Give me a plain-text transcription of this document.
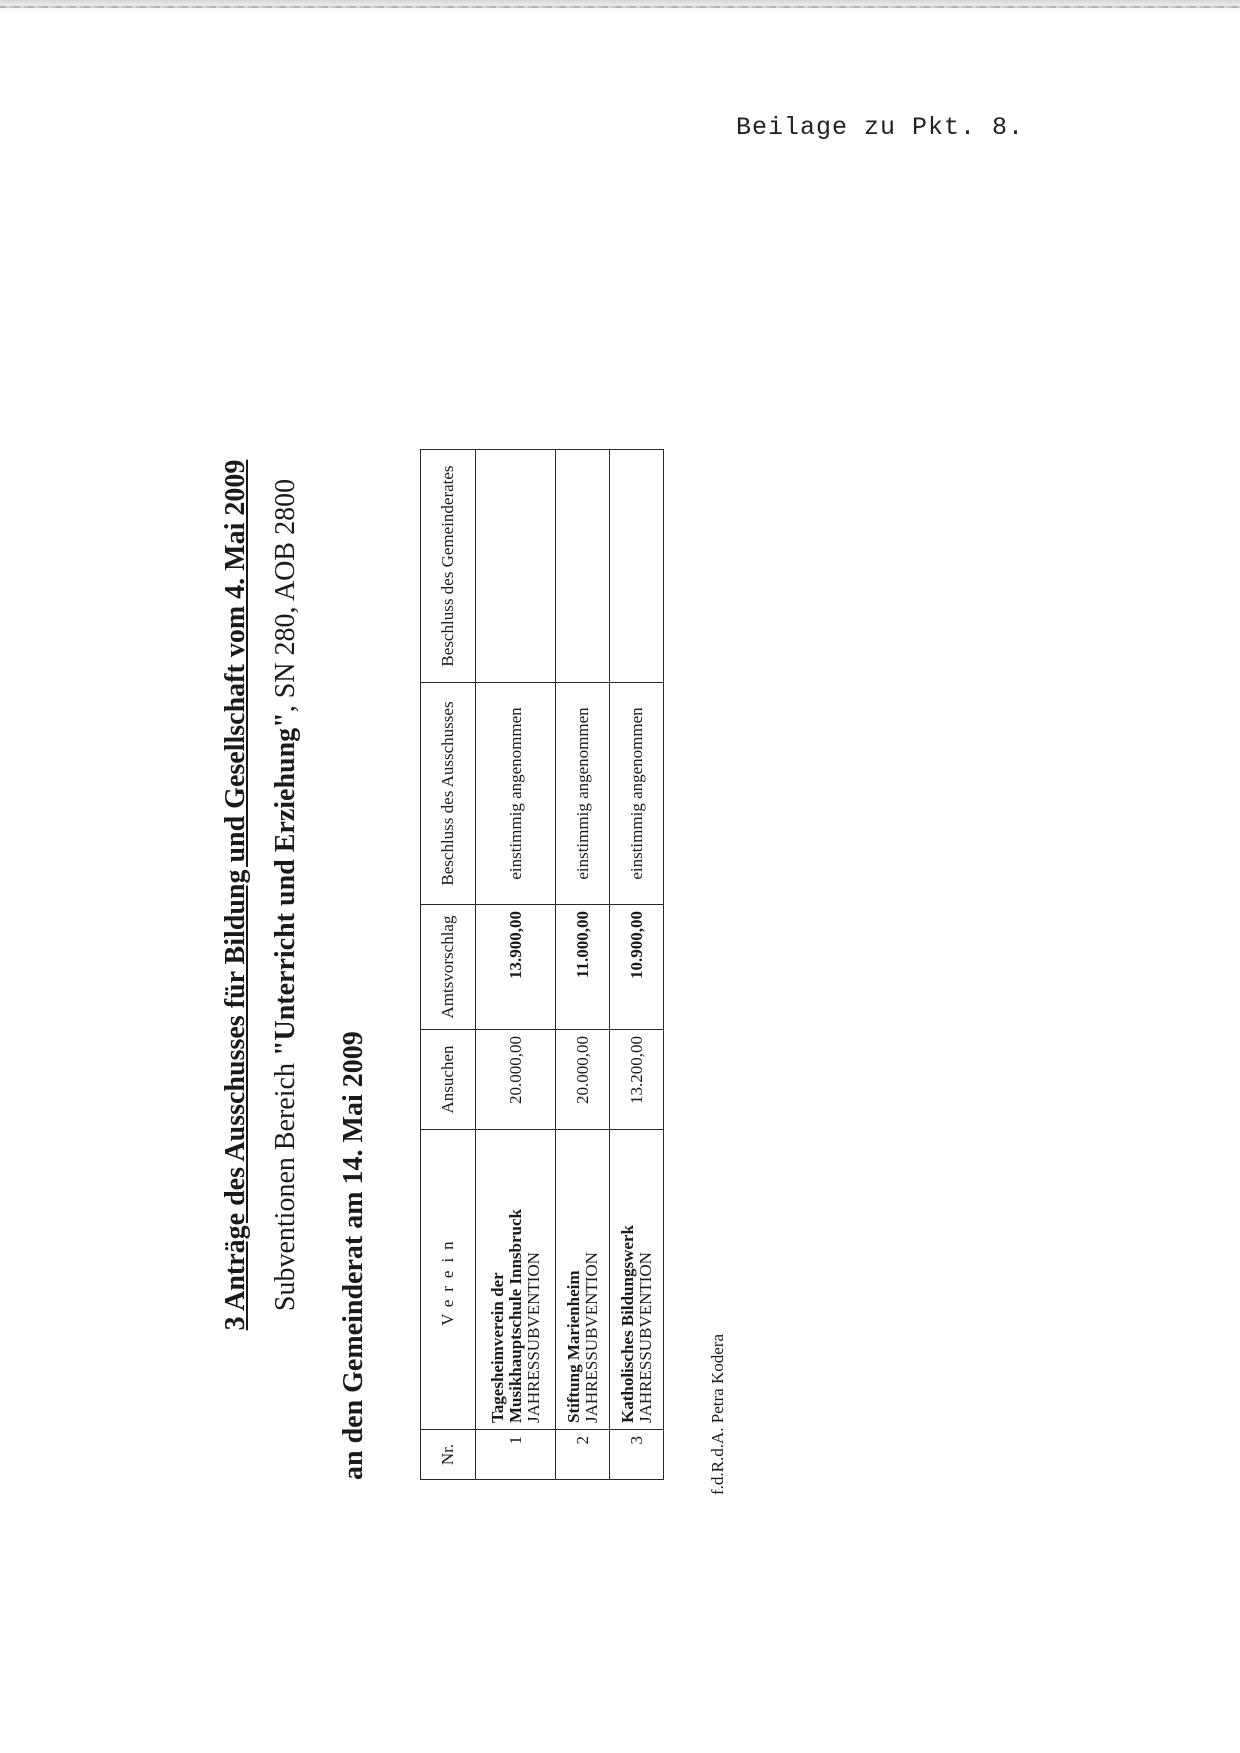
Beilage zu Pkt. 8.
3 Anträge des Ausschusses für Bildung und Gesellschaft vom 4. Mai 2009 Subventionen Bereich "Unterricht und Erziehung", SN 280, AOB 2800
an den Gemeinderat am 14. Mai 2009	Nr.	Verein	Ansuchen	Amtsvorschlag	Beschluss des Ausschusses	Beschluss des Gemeinderates
1	Tagesheimverein der Musikhauptschule Innsbruck JAHRESSUBVENTION	20.000,00	13.900,00	einstimmig angenommen	
2	Stiftung Marienheim JAHRESSUBVENTION	20.000,00	11.000,00	einstimmig angenommen	
3	Katholisches Bildungswerk JAHRESSUBVENTION	13.200,00	10.900,00	einstimmig angenommen	
f.d.R.d.A. Petra Kodera
